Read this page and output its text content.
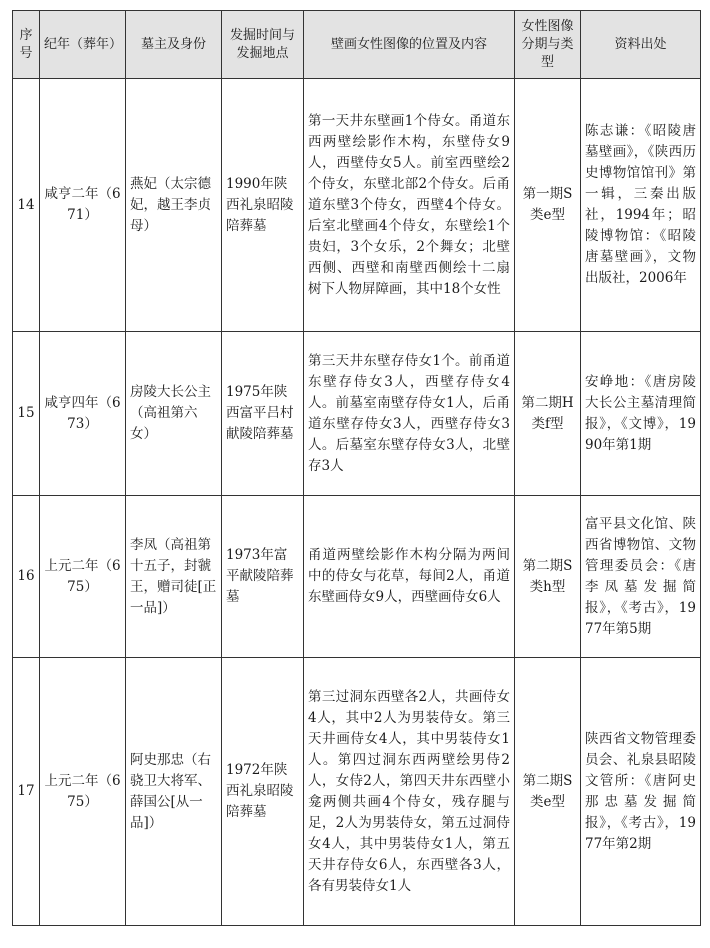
序号	纪年（葬年）	墓主及身份	发掘时间与发掘地点	壁画女性图像的位置及内容	女性图像分期与类型	资料出处
14	咸亨二年（671）	燕妃（太宗德妃，越王李贞母）	1990年陕西礼泉昭陵陪葬墓	第一天井东壁画1个侍女。甬道东西两壁绘影作木构，东壁侍女9人，西壁侍女5人。前室西壁绘2个侍女，东壁北部2个侍女。后甬道东壁3个侍女，西壁4个侍女。后室北壁画4个侍女，东壁绘1个贵妇，3个女乐，2个舞女；北壁西侧、西壁和南壁西侧绘十二扇树下人物屏障画，其中18个女性	第一期S类e型	陈志谦：《昭陵唐墓壁画》，《陕西历史博物馆馆刊》第一辑，三秦出版社，1994年；昭陵博物馆：《昭陵唐墓壁画》，文物出版社，2006年
15	咸亨四年（673）	房陵大长公主（高祖第六女）	1975年陕西富平吕村献陵陪葬墓	第三天井东壁存侍女1个。前甬道东壁存侍女3人，西壁存侍女4人。前墓室南壁存侍女1人，后甬道东壁存侍女3人，西壁存侍女3人。后墓室东壁存侍女3人，北壁存3人	第二期H类f型	安峥地：《唐房陵大长公主墓清理简报》，《文博》，1990年第1期
16	上元二年（675）	李凤（高祖第十五子，封虢王，赠司徒[正一品]）	1973年富平献陵陪葬墓	甬道两壁绘影作木构分隔为两间中的侍女与花草，每间2人，甬道东壁画侍女9人，西壁画侍女6人	第二期S类h型	富平县文化馆、陕西省博物馆、文物管理委员会：《唐李凤墓发掘简报》，《考古》，1977年第5期
17	上元二年（675）	阿史那忠（右骁卫大将军、薛国公[从一品]）	1972年陕西礼泉昭陵陪葬墓	第三过洞东西壁各2人，共画侍女4人，其中2人为男装侍女。第三天井画侍女4人，其中男装侍女1人。第四过洞东西两壁绘男侍2人，女侍2人，第四天井东西壁小龛两侧共画4个侍女，残存腿与足，2人为男装侍女，第五过洞侍女4人，其中男装侍女1人，第五天井存侍女6人，东西壁各3人，各有男装侍女1人	第二期S类e型	陕西省文物管理委员会、礼泉县昭陵文管所：《唐阿史那忠墓发掘简报》，《考古》，1977年第2期
